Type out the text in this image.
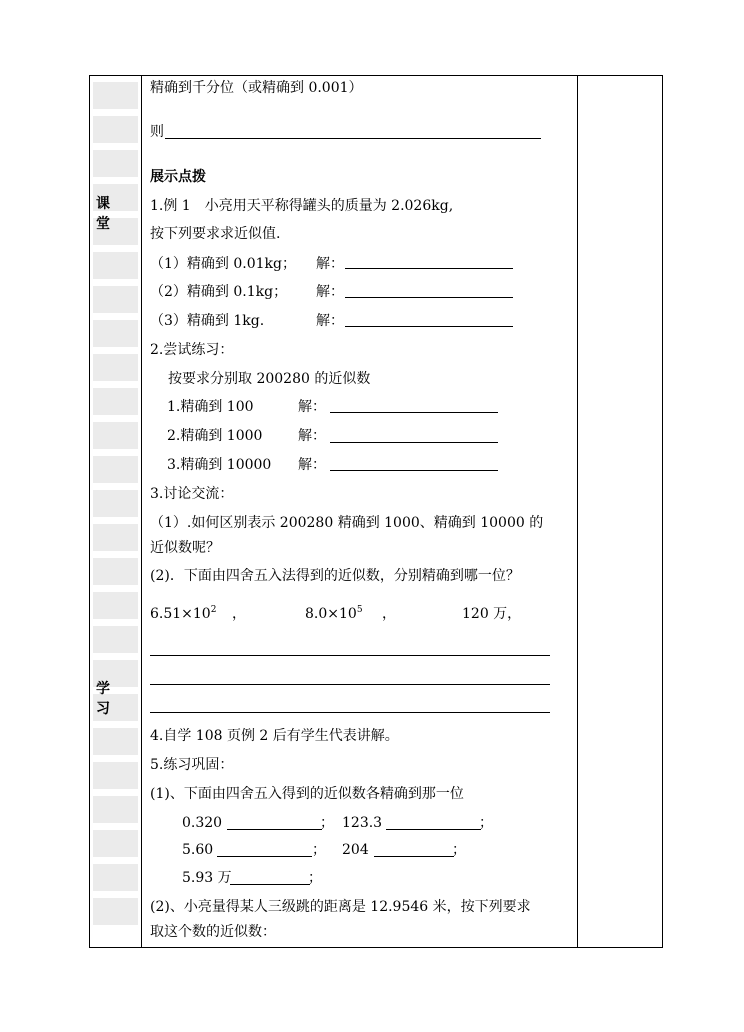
课 堂
学 习
精确到千分位（或精确到 0.001）
则
展示点拨
1.例 1　小亮用天平称得罐头的质量为 2.026kg,
按下列要求求近似值.
（1）精确到 0.01kg； 解：
（2）精确到 0.1kg； 解：
（3）精确到 1kg.	解：
2.尝试练习：
按要求分别取 200280 的近似数
1.精确到 100	解：
2.精确到 1000	解：
3.精确到 10000 解：
3.讨论交流：
（1）.如何区别表示 200280 精确到 1000、精确到 10000 的
近似数呢？
(2)．下面由四舍五入法得到的近似数，分别精确到哪一位？
$6.51\times 10^2$ ，	$8.0\times 10^5$ ，	120 万，
4.自学 108 页例 2 后有学生代表讲解。
5.练习巩固：
(1)、下面由四舍五入得到的近似数各精确到那一位
0.320	； 123.3	；
5.60	； 204	；
5.93 万	；
(2)、小亮量得某人三级跳的距离是 12.9546 米，按下列要求
取这个数的近似数：
